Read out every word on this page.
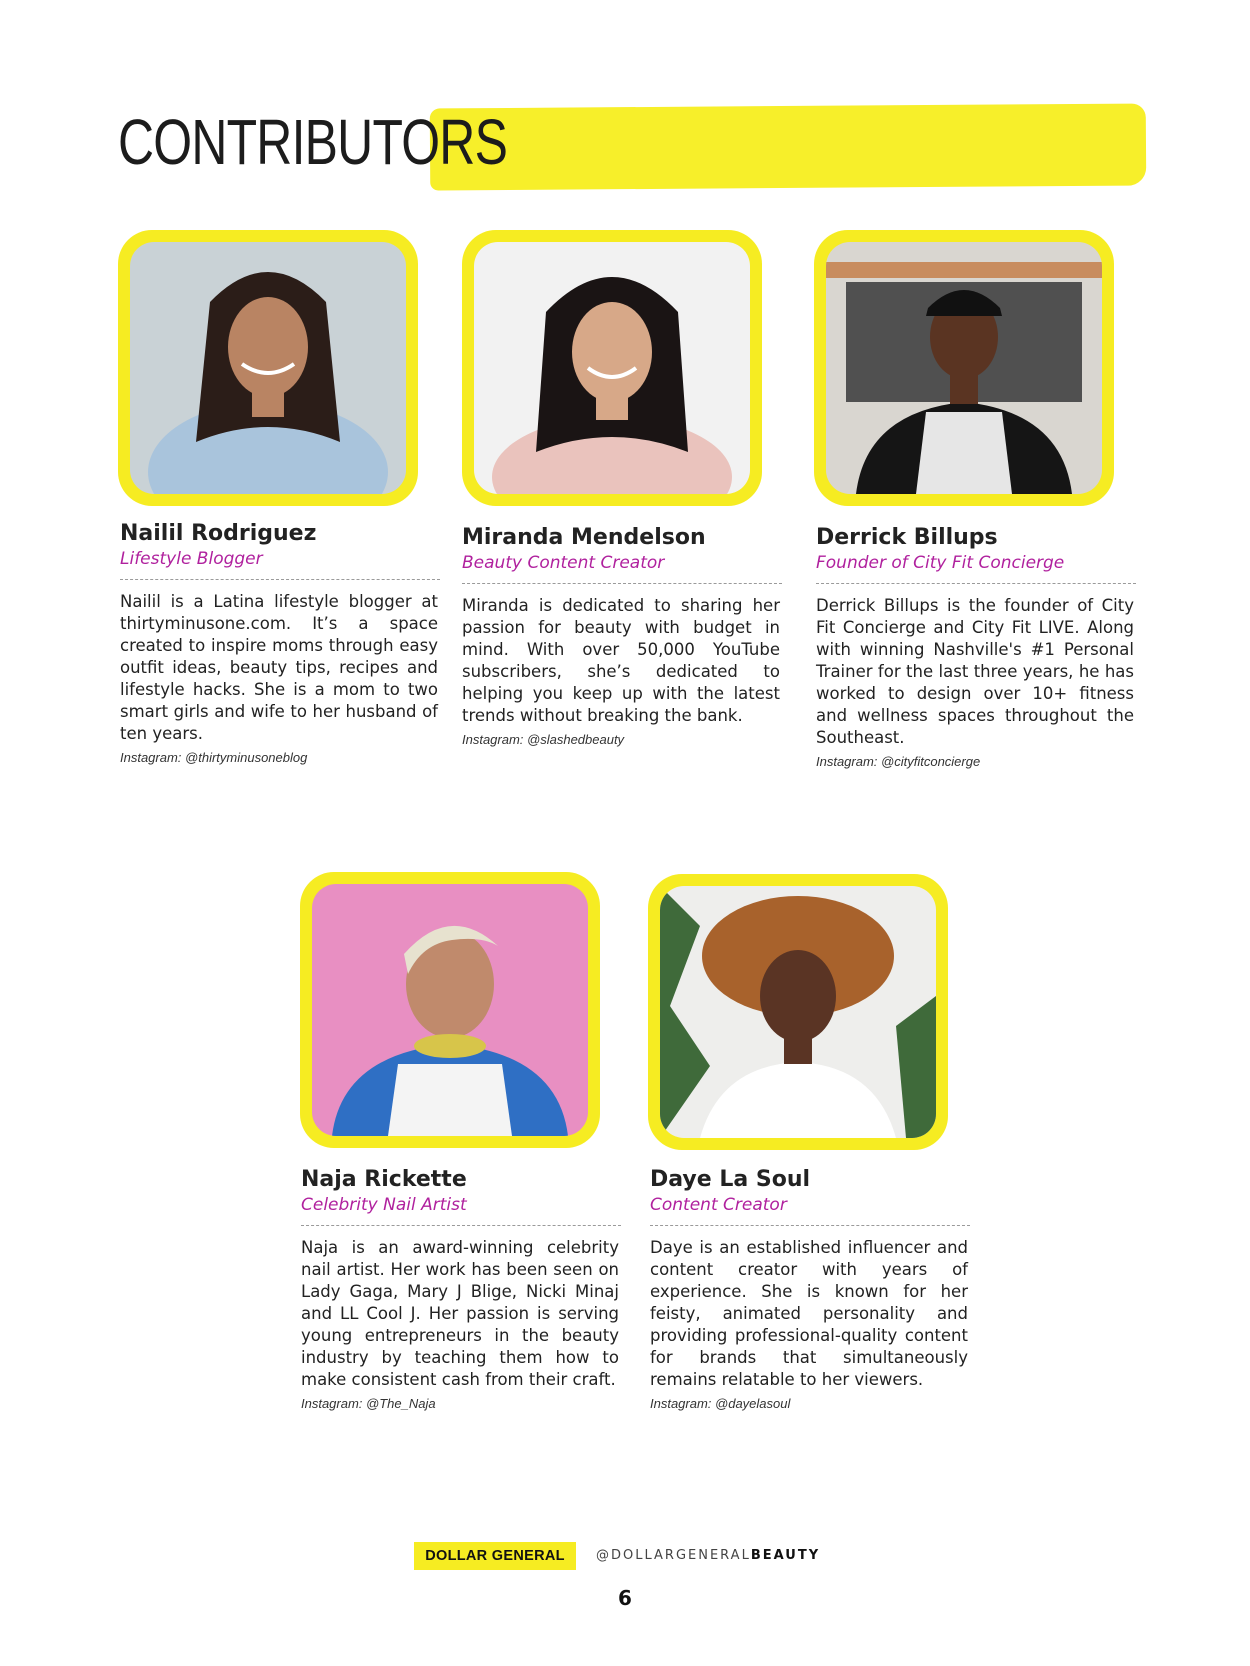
CONTRIBUTORS
Nailil Rodriguez
Lifestyle Blogger
Nailil is a Latina lifestyle blogger at thirtyminusone.com. It’s a space created to inspire moms through easy outfit ideas, beauty tips, recipes and lifestyle hacks. She is a mom to two smart girls and wife to her husband of ten years.
Instagram: @thirtyminusoneblog
Miranda Mendelson
Beauty Content Creator
Miranda is dedicated to sharing her passion for beauty with budget in mind. With over 50,000 YouTube subscribers, she’s dedicated to helping you keep up with the latest trends without breaking the bank.
Instagram: @slashedbeauty
Derrick Billups
Founder of City Fit Concierge
Derrick Billups is the founder of City Fit Concierge and City Fit LIVE. Along with winning Nashville's #1 Personal Trainer for the last three years, he has worked to design over 10+ fitness and wellness spaces throughout the Southeast.
Instagram: @cityfitconcierge
Naja Rickette
Celebrity Nail Artist
Naja is an award-winning celebrity nail artist. Her work has been seen on Lady Gaga, Mary J Blige, Nicki Minaj and LL Cool J. Her passion is serving young entrepreneurs in the beauty industry by teaching them how to make consistent cash from their craft.
Instagram: @The_Naja
Daye La Soul
Content Creator
Daye is an established influencer and content creator with years of experience. She is known for her feisty, animated personality and providing professional-quality content for brands that simultaneously remains relatable to her viewers.
Instagram: @dayelasoul
DOLLAR GENERAL	@DOLLARGENERALBEAUTY
6
